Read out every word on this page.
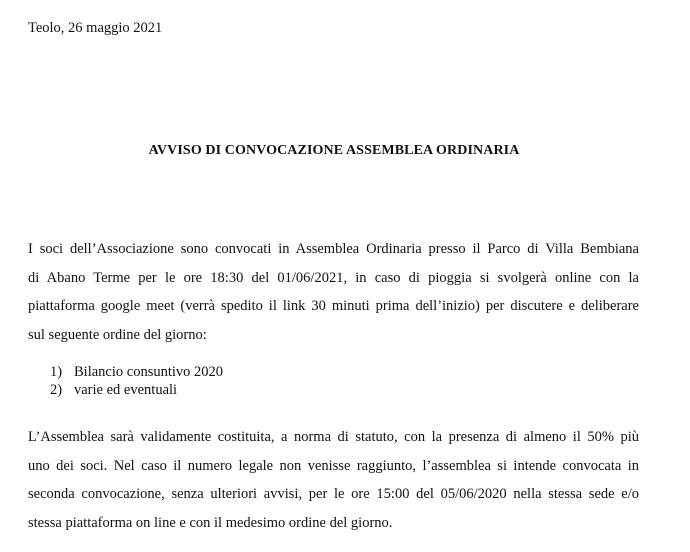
Teolo, 26 maggio 2021
AVVISO DI CONVOCAZIONE ASSEMBLEA ORDINARIA

I soci dell’Associazione sono convocati in Assemblea Ordinaria presso il Parco di Villa Bembiana
di Abano Terme per le ore 18:30 del 01/06/2021, in caso di pioggia si svolgerà online con la
piattaforma google meet (verrà spedito il link 30 minuti prima dell’inizio) per discutere e deliberare
sul seguente ordine del giorno:

1) Bilancio consuntivo 2020
2) varie ed eventuali

L’Assemblea sarà validamente costituita, a norma di statuto, con la presenza di almeno il 50% più
uno dei soci. Nel caso il numero legale non venisse raggiunto, l’assemblea si intende convocata in
seconda convocazione, senza ulteriori avvisi, per le ore 15:00 del 05/06/2020 nella stessa sede e/o
stessa piattaforma on line e con il medesimo ordine del giorno.
